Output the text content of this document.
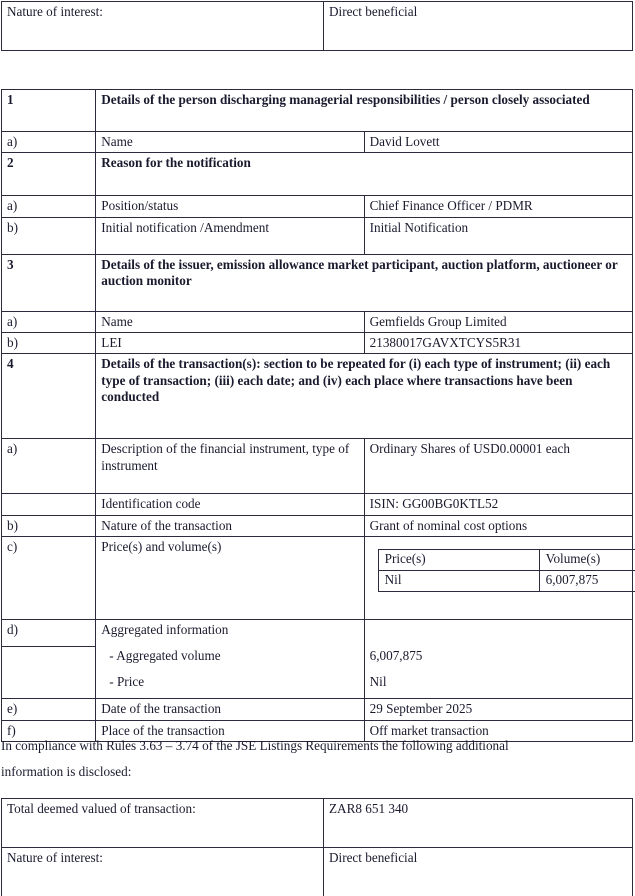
Nature of interest:	Direct beneficial
1	Details of the person discharging managerial responsibilities / person closely associated
a)	Name	David Lovett
2	Reason for the notification
a)	Position/status	Chief Finance Officer / PDMR
b)	Initial notification /Amendment	Initial Notification
3	Details of the issuer, emission allowance market participant, auction platform, auctioneer or auction monitor
a)	Name	Gemfields Group Limited
b)	LEI	21380017GAVXTCYS5R31
4	Details of the transaction(s): section to be repeated for (i) each type of instrument; (ii) each type of transaction; (iii) each date; and (iv) each place where transactions have been conducted
a)	Description of the financial instrument, type of instrument	Ordinary Shares of USD0.00001 each
	Identification code	ISIN: GG00BG0KTL52
b)	Nature of the transaction	Grant of nominal cost options
c)	Price(s) and volume(s)	
Price(s)	Volume(s)
Nil	6,007,875

d)	Aggregated information	
	- Aggregated volume	6,007,875
	- Price	Nil
e)	Date of the transaction	29 September 2025
f)	Place of the transaction	Off market transaction
In compliance with Rules 3.63 – 3.74 of the JSE Listings Requirements the following additional
information is disclosed:
Total deemed valued of transaction:	ZAR8 651 340
Nature of interest:	Direct beneficial
